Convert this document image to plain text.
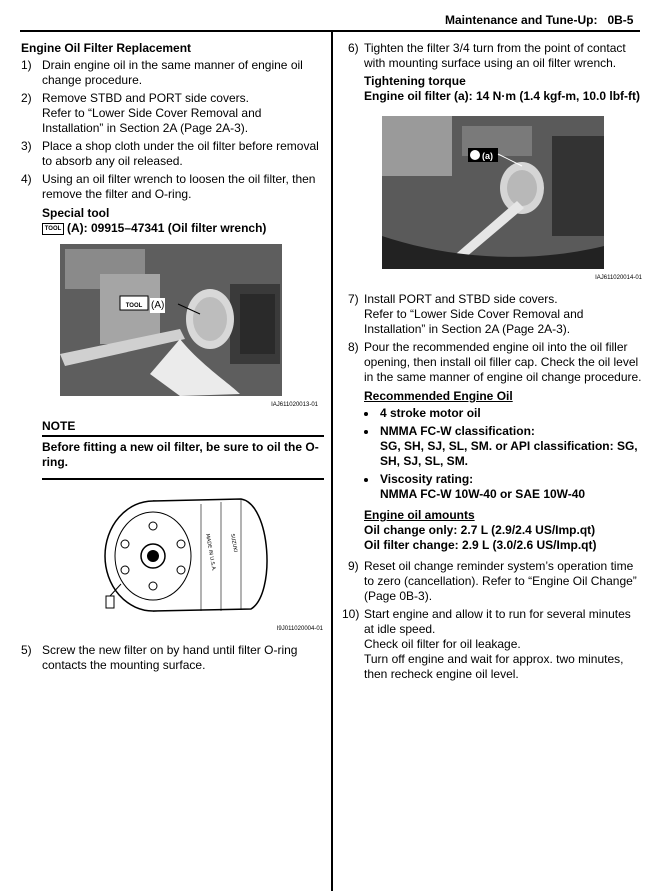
Maintenance and Tune-Up: 0B-5
Engine Oil Filter Replacement
1) Drain engine oil in the same manner of engine oil change procedure.
2) Remove STBD and PORT side covers.
Refer to “Lower Side Cover Removal and Installation” in Section 2A (Page 2A-3).
3) Place a shop cloth under the oil filter before removal to absorb any oil released.
4) Using an oil filter wrench to loosen the oil filter, then remove the filter and O-ring.
Special tool
TOOL (A): 09915–47341 (Oil filter wrench)
TOOL (A)
IAJ611020013-01
NOTE
Before fitting a new oil filter, be sure to oil the O-ring.
MADE IN U.S.A. SUZUKI
I9J011020004-01
5) Screw the new filter on by hand until filter O-ring contacts the mounting surface.
6) Tighten the filter 3/4 turn from the point of contact with mounting surface using an oil filter wrench.
Tightening torque
Engine oil filter (a): 14 N·m (1.4 kgf-m, 10.0 lbf-ft)
(a)
IAJ611020014-01
7) Install PORT and STBD side covers.
Refer to “Lower Side Cover Removal and Installation” in Section 2A (Page 2A-3).
8) Pour the recommended engine oil into the oil filler opening, then install oil filler cap. Check the oil level in the same manner of engine oil change procedure.
Recommended Engine Oil
• 4 stroke motor oil
• NMMA FC-W classification:
SG, SH, SJ, SL, SM. or API classification: SG, SH, SJ, SL, SM.
• Viscosity rating:
NMMA FC-W 10W-40 or SAE 10W-40
Engine oil amounts
Oil change only: 2.7 L (2.9/2.4 US/Imp.qt)
Oil filter change: 2.9 L (3.0/2.6 US/Imp.qt)
9) Reset oil change reminder system’s operation time to zero (cancellation). Refer to “Engine Oil Change” (Page 0B-3).
10) Start engine and allow it to run for several minutes at idle speed.
Check oil filter for oil leakage.
Turn off engine and wait for approx. two minutes, then recheck engine oil level.
